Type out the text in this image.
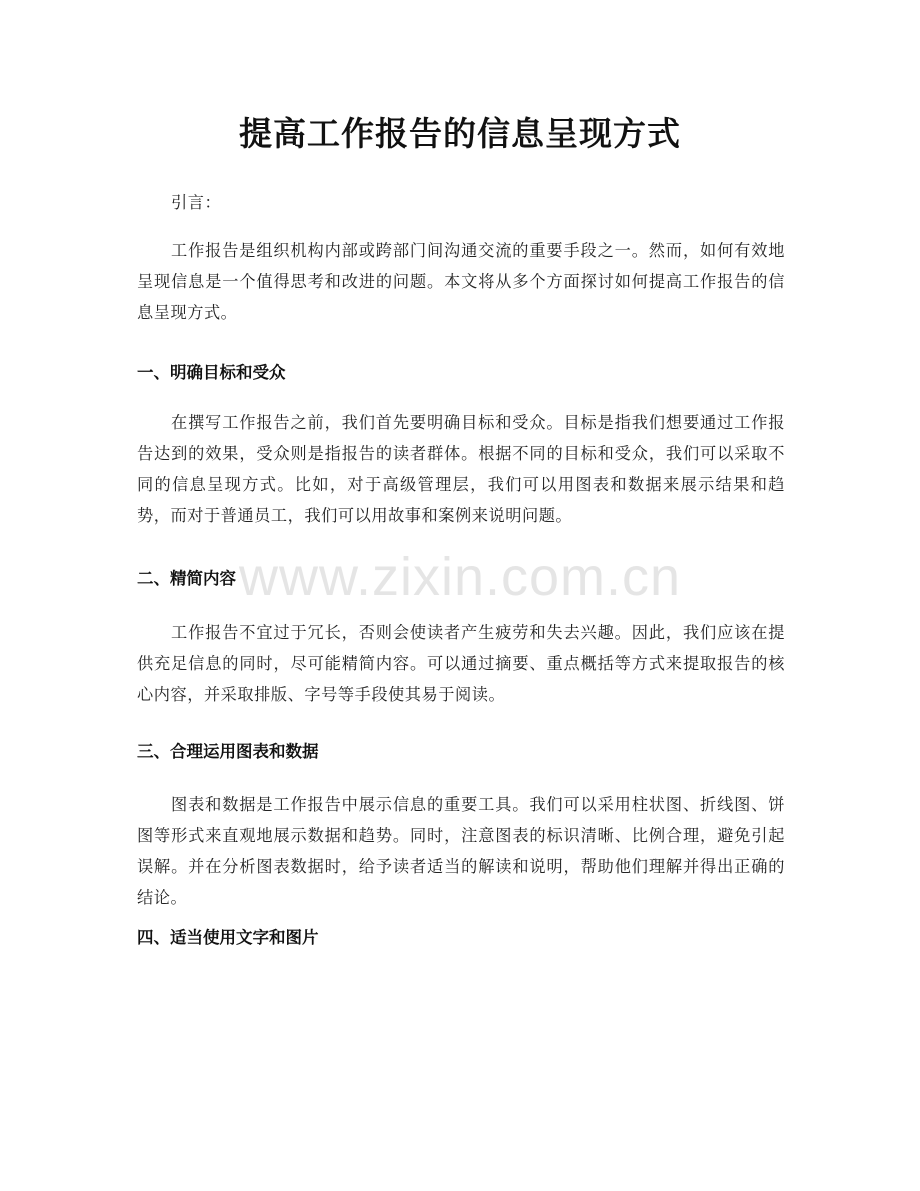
提高工作报告的信息呈现方式

引言：

工作报告是组织机构内部或跨部门间沟通交流的重要手段之一。然而，如何有效地呈现信息是一个值得思考和改进的问题。本文将从多个方面探讨如何提高工作报告的信息呈现方式。

一、明确目标和受众

在撰写工作报告之前，我们首先要明确目标和受众。目标是指我们想要通过工作报告达到的效果，受众则是指报告的读者群体。根据不同的目标和受众，我们可以采取不同的信息呈现方式。比如，对于高级管理层，我们可以用图表和数据来展示结果和趋势，而对于普通员工，我们可以用故事和案例来说明问题。

二、精简内容

工作报告不宜过于冗长，否则会使读者产生疲劳和失去兴趣。因此，我们应该在提供充足信息的同时，尽可能精简内容。可以通过摘要、重点概括等方式来提取报告的核心内容，并采取排版、字号等手段使其易于阅读。

三、合理运用图表和数据

图表和数据是工作报告中展示信息的重要工具。我们可以采用柱状图、折线图、饼图等形式来直观地展示数据和趋势。同时，注意图表的标识清晰、比例合理，避免引起误解。并在分析图表数据时，给予读者适当的解读和说明，帮助他们理解并得出正确的结论。

四、适当使用文字和图片
www.zixin.com.cn
